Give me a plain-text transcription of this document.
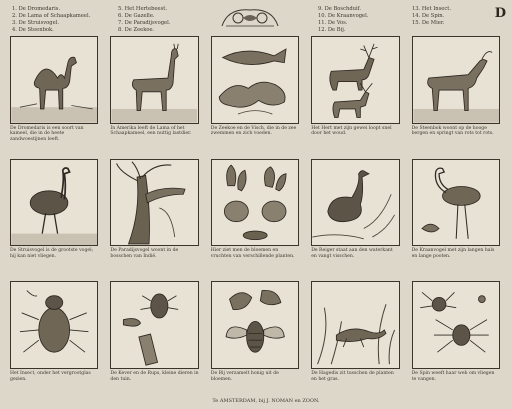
1. De Dromedaris.
2. De Lama of Schaapkameel.
3. De Struisvogel.
4. De Steenbok.
5. Het Hertebeest.
6. De Gazelle.
7. De Paradijsvogel.
8. De Zeekoe.
9. De Boschduif.
10. De Kraanvogel.
11. De Vos.
12. De Bij.
13. Het Insect.
14. De Spin.
15. De Mier.
D
De Dromedaris is een soort van kameel, die in de heete zandwoestijnen leeft.
In Amerika leeft de Lama of het Schaapkameel, een nuttig lastdier.
De Zeekoe en de Visch, die in de zee zwemmen en zich voeden.
Het Hert met zijn gewei loopt snel door het woud.
De Steenbok woont op de hooge bergen en springt van rots tot rots.
De Struisvogel is de grootste vogel; hij kan niet vliegen.
De Paradijsvogel woont in de bosschen van Indië.
Hier ziet men de bloemen en vruchten van verschillende planten.
De Reiger staat aan den waterkant en vangt visschen.
De Kraanvogel met zijn langen hals en lange pooten.
Het Insect, onder het vergrootglas gezien.
De Kever en de Rups, kleine dieren in den tuin.
De Bij verzamelt honig uit de bloemen.
De Hagedis zit tusschen de planten en het gras.
De Spin weeft haar web om vliegen te vangen.
Te AMSTERDAM, bij J. NOMAN en ZOON.
